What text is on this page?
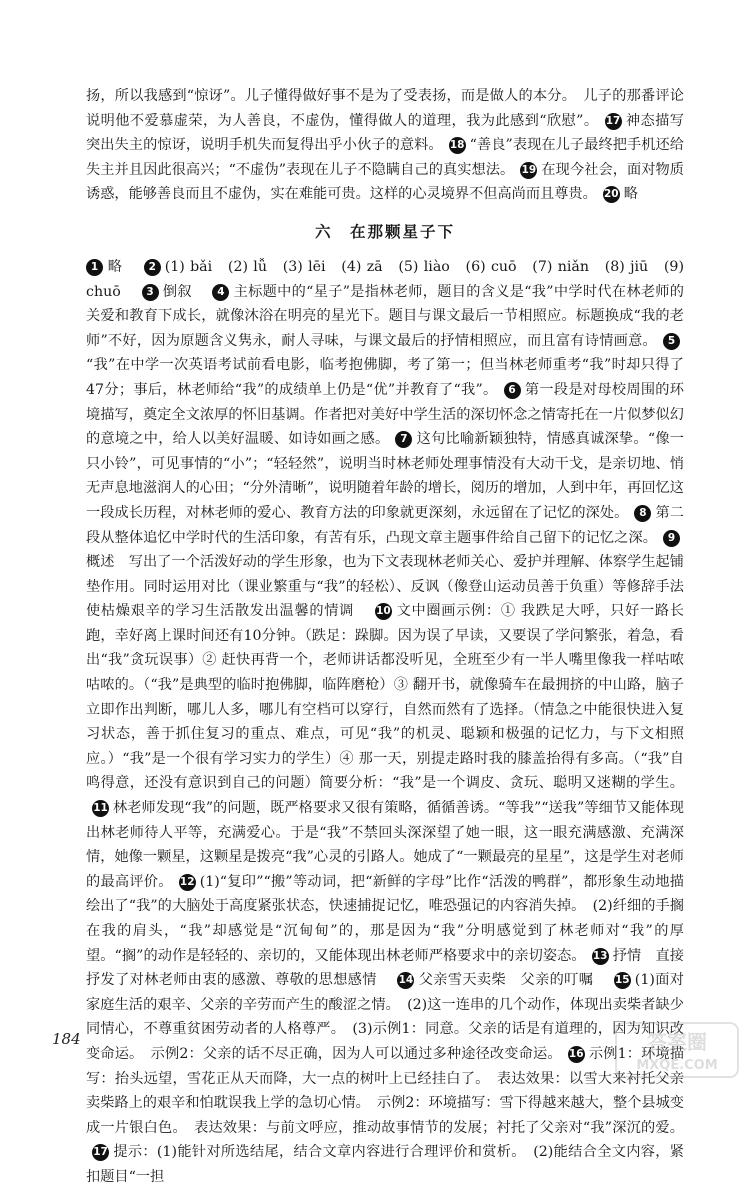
扬，所以我感到“惊讶”。儿子懂得做好事不是为了受表扬，而是做人的本分。　儿子的那番评论说明他不爱慕虚荣，为人善良，不虚伪，懂得做人的道理，我为此感到“欣慰”。 17 神态描写　突出失主的惊讶，说明手机失而复得出乎小伙子的意料。 18 “善良”表现在儿子最终把手机还给失主并且因此很高兴；“不虚伪”表现在儿子不隐瞒自己的真实想法。 19 在现今社会，面对物质诱惑，能够善良而且不虚伪，实在难能可贵。这样的心灵境界不但高尚而且尊贵。 20 略

六　在那颗星子下

1 略　2 (1) bǎi　(2) lǚ　(3) lēi　(4) zā　(5) liào　(6) cuō　(7) niǎn　(8) jiū　(9) chuō　3 倒叙　4 主标题中的“星子”是指林老师，题目的含义是“我”中学时代在林老师的关爱和教育下成长，就像沐浴在明亮的星光下。题目与课文最后一节相照应。标题换成“我的老师”不好，因为原题含义隽永，耐人寻味，与课文最后的抒情相照应，而且富有诗情画意。 5“我”在中学一次英语考试前看电影，临考抱佛脚，考了第一；但当林老师重考“我”时却只得了47分；事后，林老师给“我”的成绩单上仍是“优”并教育了“我”。 6 第一段是对母校周围的环境描写，奠定全文浓厚的怀旧基调。作者把对美好中学生活的深切怀念之情寄托在一片似梦似幻的意境之中，给人以美好温暖、如诗如画之感。 7 这句比喻新颖独特，情感真诚深挚。“像一只小铃”，可见事情的“小”；“轻轻然”，说明当时林老师处理事情没有大动干戈，是亲切地、悄无声息地滋润人的心田；“分外清晰”，说明随着年龄的增长，阅历的增加，人到中年，再回忆这一段成长历程，对林老师的爱心、教育方法的印象就更深刻，永远留在了记忆的深处。 8 第二段从整体追忆中学时代的生活印象，有苦有乐，凸现文章主题事件给自己留下的记忆之深。 9概述　写出了一个活泼好动的学生形象，也为下文表现林老师关心、爱护并理解、体察学生起铺垫作用。同时运用对比（课业繁重与“我”的轻松）、反讽（像登山运动员善于负重）等修辞手法使枯燥艰辛的学习生活散发出温馨的情调　10 文中圈画示例：① 我跌足大呼，只好一路长跑，幸好离上课时间还有10分钟。（跌足：跺脚。因为误了早读，又要误了学问繁张，着急，看出“我”贪玩误事）② 赶快再背一个，老师讲话都没听见，全班至少有一半人嘴里像我一样咕哝咕哝的。（“我”是典型的临时抱佛脚，临阵磨枪）③ 翻开书，就像骑车在最拥挤的中山路，脑子立即作出判断，哪儿人多，哪儿有空档可以穿行，自然而然有了选择。（情急之中能很快进入复习状态，善于抓住复习的重点、难点，可见“我”的机灵、聪颖和极强的记忆力，与下文相照应。）“我”是一个很有学习实力的学生）④ 那一天，别提走路时我的膝盖抬得有多高。（“我”自鸣得意，还没有意识到自己的问题）简要分析：“我”是一个调皮、贪玩、聪明又迷糊的学生。11 林老师发现“我”的问题，既严格要求又很有策略，循循善诱。“等我”“送我”等细节又能体现出林老师待人平等，充满爱心。于是“我”不禁回头深深望了她一眼，这一眼充满感激、充满深情，她像一颗星，这颗星是拨亮“我”心灵的引路人。她成了“一颗最亮的星星”，这是学生对老师的最高评价。 12 (1)“复印”“搬”等动词，把“新鲜的字母”比作“活泼的鸭群”，都形象生动地描绘出了“我”的大脑处于高度紧张状态，快速捕捉记忆，唯恐强记的内容消失掉。　(2)纤细的手搁在我的肩头，“我”却感觉是“沉甸甸”的，那是因为“我”分明感觉到了林老师对“我”的厚望。“搁”的动作是轻轻的、亲切的，又能体现出林老师严格要求中的亲切姿态。 13 抒情　直接抒发了对林老师由衷的感激、尊敬的思想感情　14 父亲雪天卖柴　父亲的叮嘱　15 (1)面对家庭生活的艰辛、父亲的辛劳而产生的酸涩之情。　(2)这一连串的几个动作，体现出卖柴者缺少同情心，不尊重贫困劳动者的人格尊严。　(3)示例1：同意。父亲的话是有道理的，因为知识改变命运。　示例2：父亲的话不尽正确，因为人可以通过多种途径改变命运。 16 示例1：环境描写：抬头远望，雪花正从天而降，大一点的树叶上已经挂白了。　表达效果：以雪大来衬托父亲卖柴路上的艰辛和怕耽误我上学的急切心情。　示例2：环境描写：雪下得越来越大，整个县城变成一片银白色。　表达效果：与前文呼应，推动故事情节的发展；衬托了父亲对“我”深沉的爱。17 提示：(1)能针对所选结尾，结合文章内容进行合理评价和赏析。　(2)能结合全文内容，紧扣题目“一担

184	答案圈
MXQE.COM
